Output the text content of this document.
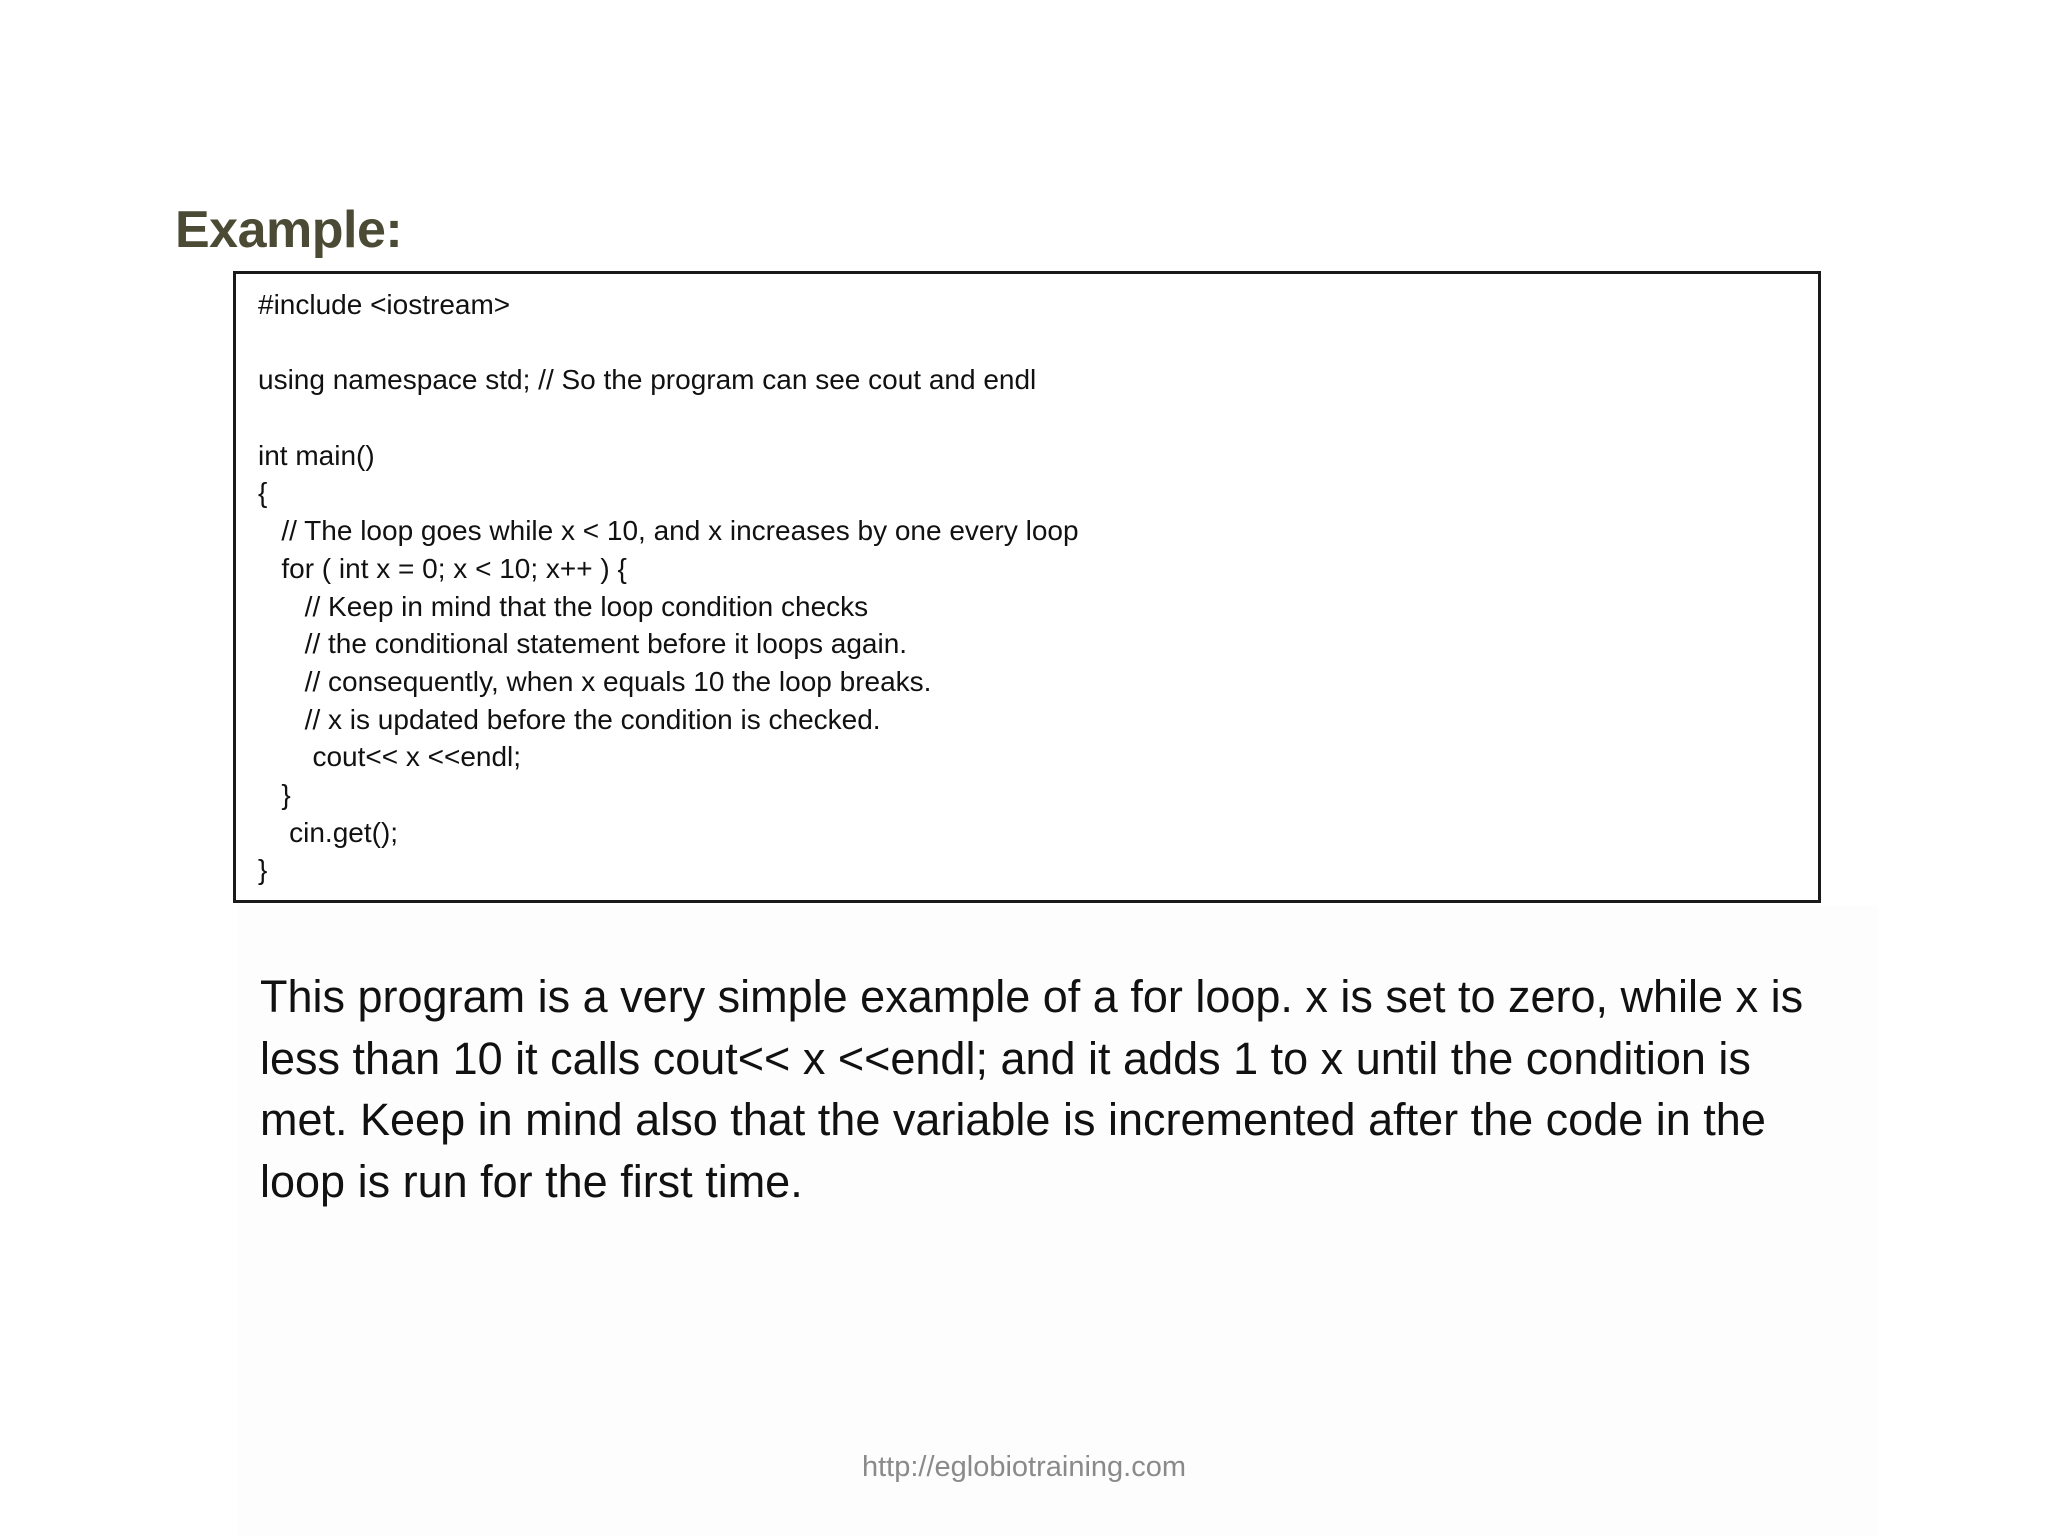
Example:
#include <iostream>
using namespace std; // So the program can see cout and endl
int main()
{
// The loop goes while x < 10, and x increases by one every loop
for ( int x = 0; x < 10; x++ ) {
// Keep in mind that the loop condition checks
// the conditional statement before it loops again.
// consequently, when x equals 10 the loop breaks.
// x is updated before the condition is checked.
cout<< x <<endl;
}
cin.get();
}

This program is a very simple example of a for loop. x is set to zero, while x is less than 10 it calls cout<< x <<endl; and it adds 1 to x until the condition is met. Keep in mind also that the variable is incremented after the code in the loop is run for the first time.

http://eglobiotraining.com
